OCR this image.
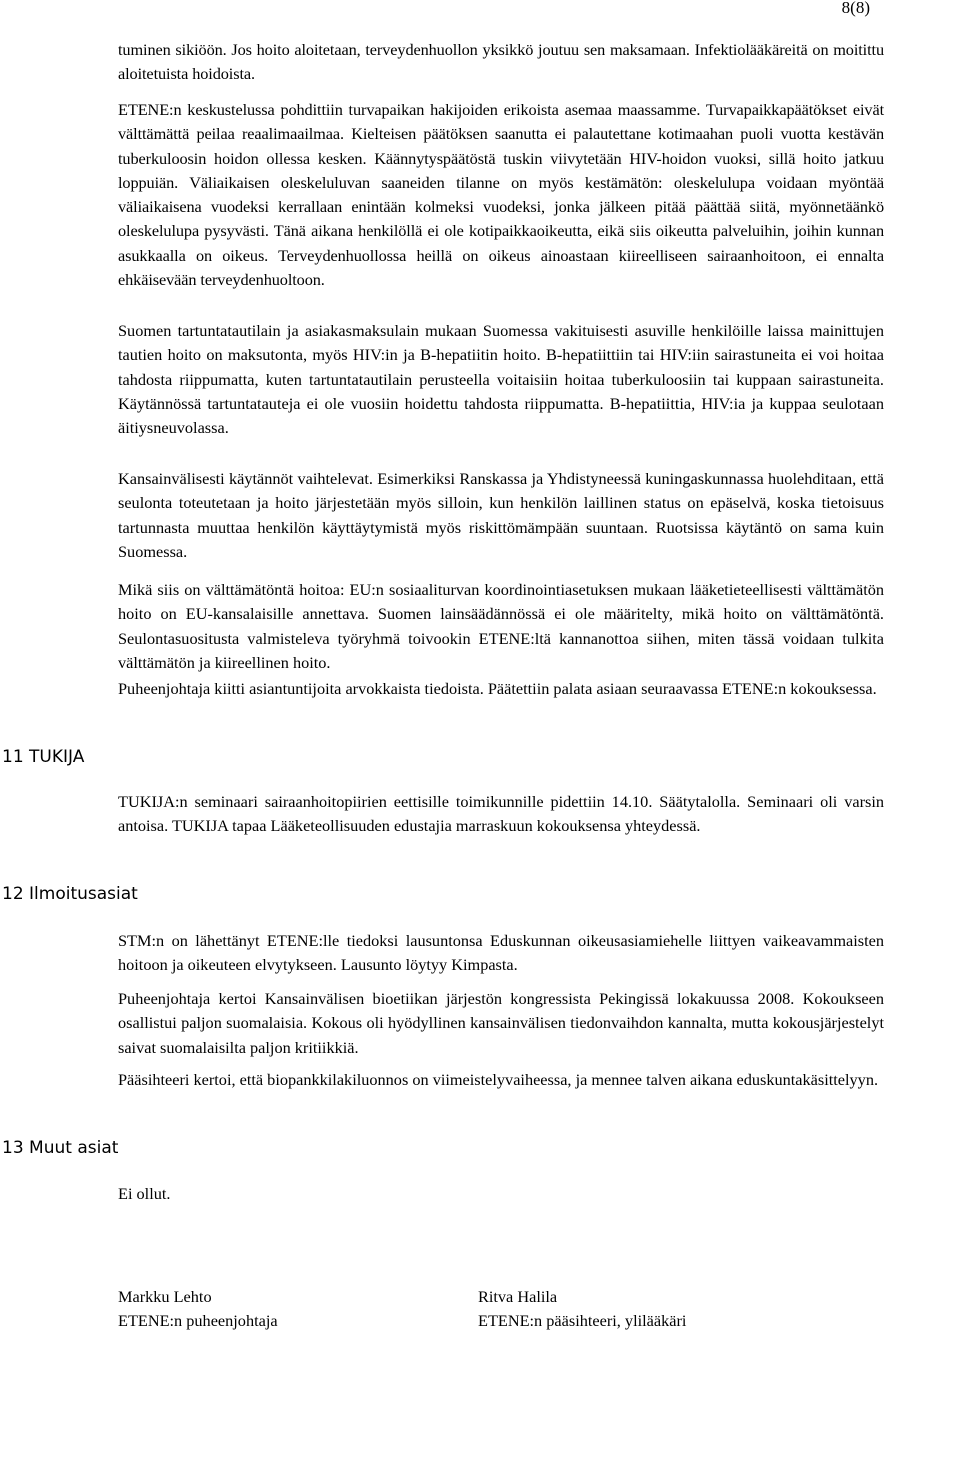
8(8)

tuminen sikiöön. Jos hoito aloitetaan, terveydenhuollon yksikkö joutuu sen maksamaan. Infektiolääkäreitä on moitittu aloitetuista hoidoista.

ETENE:n keskustelussa pohdittiin turvapaikan hakijoiden erikoista asemaa maassamme. Turvapaikkapäätökset eivät välttämättä peilaa reaalimaailmaa. Kielteisen päätöksen saanutta ei palautettane kotimaahan puoli vuotta kestävän tuberkuloosin hoidon ollessa kesken. Käännytyspäätöstä tuskin viivytetään HIV-hoidon vuoksi, sillä hoito jatkuu loppuiän. Väliaikaisen oleskeluluvan saaneiden tilanne on myös kestämätön: oleskelulupa voidaan myöntää väliaikaisena vuodeksi kerrallaan enintään kolmeksi vuodeksi, jonka jälkeen pitää päättää siitä, myönnetäänkö oleskelulupa pysyvästi. Tänä aikana henkilöllä ei ole kotipaikkaoikeutta, eikä siis oikeutta palveluihin, joihin kunnan asukkaalla on oikeus. Terveydenhuollossa heillä on oikeus ainoastaan kiireelliseen sairaanhoitoon, ei ennalta ehkäisevään terveydenhuoltoon.

Suomen tartuntatautilain ja asiakasmaksulain mukaan Suomessa vakituisesti asuville henkilöille laissa mainittujen tautien hoito on maksutonta, myös HIV:in ja B-hepatiitin hoito. B-hepatiittiin tai HIV:iin sairastuneita ei voi hoitaa tahdosta riippumatta, kuten tartuntatautilain perusteella voitaisiin hoitaa tuberkuloosiin tai kuppaan sairastuneita. Käytännössä tartuntatauteja ei ole vuosiin hoidettu tahdosta riippumatta. B-hepatiittia, HIV:ia ja kuppaa seulotaan äitiysneuvolassa.

Kansainvälisesti käytännöt vaihtelevat. Esimerkiksi Ranskassa ja Yhdistyneessä kuningaskunnassa huolehditaan, että seulonta toteutetaan ja hoito järjestetään myös silloin, kun henkilön laillinen status on epäselvä, koska tietoisuus tartunnasta muuttaa henkilön käyttäytymistä myös riskittömämpään suuntaan. Ruotsissa käytäntö on sama kuin Suomessa.

Mikä siis on välttämätöntä hoitoa: EU:n sosiaaliturvan koordinointiasetuksen mukaan lääketieteellisesti välttämätön hoito on EU-kansalaisille annettava. Suomen lainsäädännössä ei ole määritelty, mikä hoito on välttämätöntä. Seulontasuositusta valmisteleva työryhmä toivookin ETENE:ltä kannanottoa siihen, miten tässä voidaan tulkita välttämätön ja kiireellinen hoito.

Puheenjohtaja kiitti asiantuntijoita arvokkaista tiedoista. Päätettiin palata asiaan seuraavassa ETENE:n kokouksessa.

11 TUKIJA

TUKIJA:n seminaari sairaanhoitopiirien eettisille toimikunnille pidettiin 14.10. Säätytalolla. Seminaari oli varsin antoisa. TUKIJA tapaa Lääketeollisuuden edustajia marraskuun kokouksensa yhteydessä.

12 Ilmoitusasiat

STM:n on lähettänyt ETENE:lle tiedoksi lausuntonsa Eduskunnan oikeusasiamiehelle liittyen vaikeavammaisten hoitoon ja oikeuteen elvytykseen. Lausunto löytyy Kimpasta.

Puheenjohtaja kertoi Kansainvälisen bioetiikan järjestön kongressista Pekingissä lokakuussa 2008. Kokoukseen osallistui paljon suomalaisia. Kokous oli hyödyllinen kansainvälisen tiedonvaihdon kannalta, mutta kokousjärjestelyt saivat suomalaisilta paljon kritiikkiä.

Pääsihteeri kertoi, että biopankkilakiluonnos on viimeistelyvaiheessa, ja mennee talven aikana eduskuntakäsittelyyn.

13 Muut asiat

Ei ollut.

Markku Lehto
ETENE:n puheenjohtaja
Ritva Halila
ETENE:n pääsihteeri, ylilääkäri
